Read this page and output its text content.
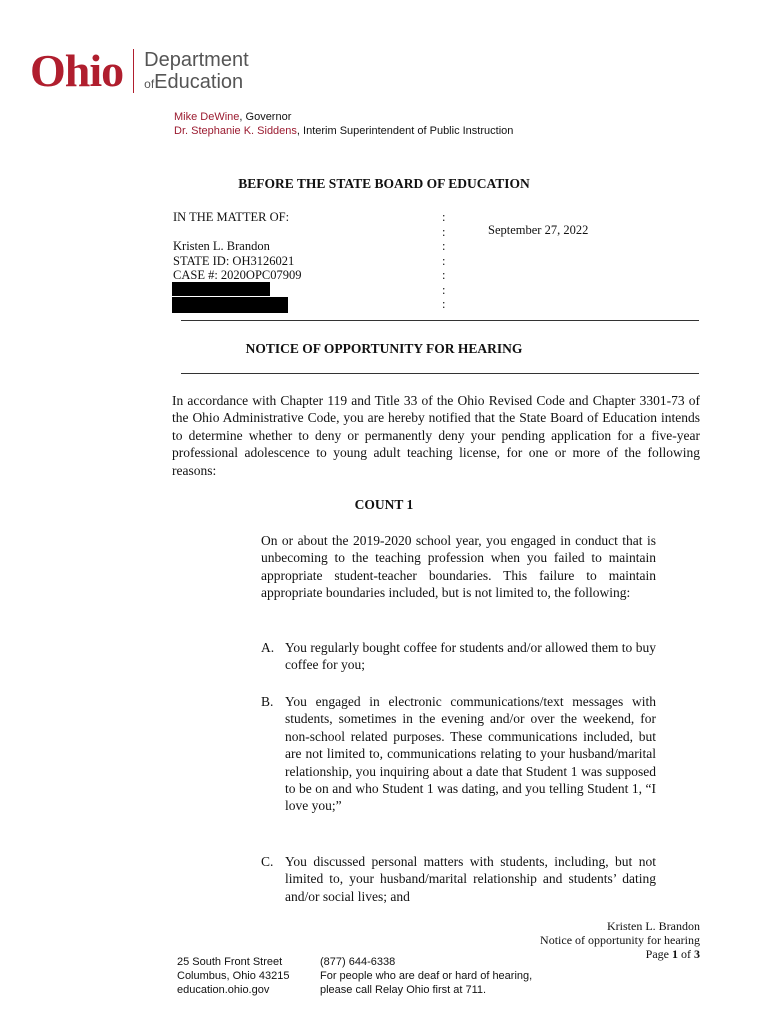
Ohio Department
ofEducation
Mike DeWine, Governor
Dr. Stephanie K. Siddens, Interim Superintendent of Public Instruction
BEFORE THE STATE BOARD OF EDUCATION
IN THE MATTER OF:
Kristen L. Brandon
STATE ID: OH3126021
CASE #: 2020OPC07909
:
:
:
:
:
:
:
September 27, 2022
NOTICE OF OPPORTUNITY FOR HEARING
In accordance with Chapter 119 and Title 33 of the Ohio Revised Code and Chapter 3301-73 of the Ohio Administrative Code, you are hereby notified that the State Board of Education intends to determine whether to deny or permanently deny your pending application for a five-year professional adolescence to young adult teaching license, for one or more of the following reasons:
COUNT 1
On or about the 2019-2020 school year, you engaged in conduct that is unbecoming to the teaching profession when you failed to maintain appropriate student-teacher boundaries. This failure to maintain appropriate boundaries included, but is not limited to, the following:
A. You regularly bought coffee for students and/or allowed them to buy coffee for you;
B. You engaged in electronic communications/text messages with students, sometimes in the evening and/or over the weekend, for non-school related purposes. These communications included, but are not limited to, communications relating to your husband/marital relationship, you inquiring about a date that Student 1 was supposed to be on and who Student 1 was dating, and you telling Student 1, “I love you;”
C. You discussed personal matters with students, including, but not limited to, your husband/marital relationship and students’ dating and/or social lives; and
Kristen L. Brandon
Notice of opportunity for hearing
Page 1 of 3
25 South Front Street
Columbus, Ohio 43215
education.ohio.gov
(877) 644-6338
For people who are deaf or hard of hearing,
please call Relay Ohio first at 711.
